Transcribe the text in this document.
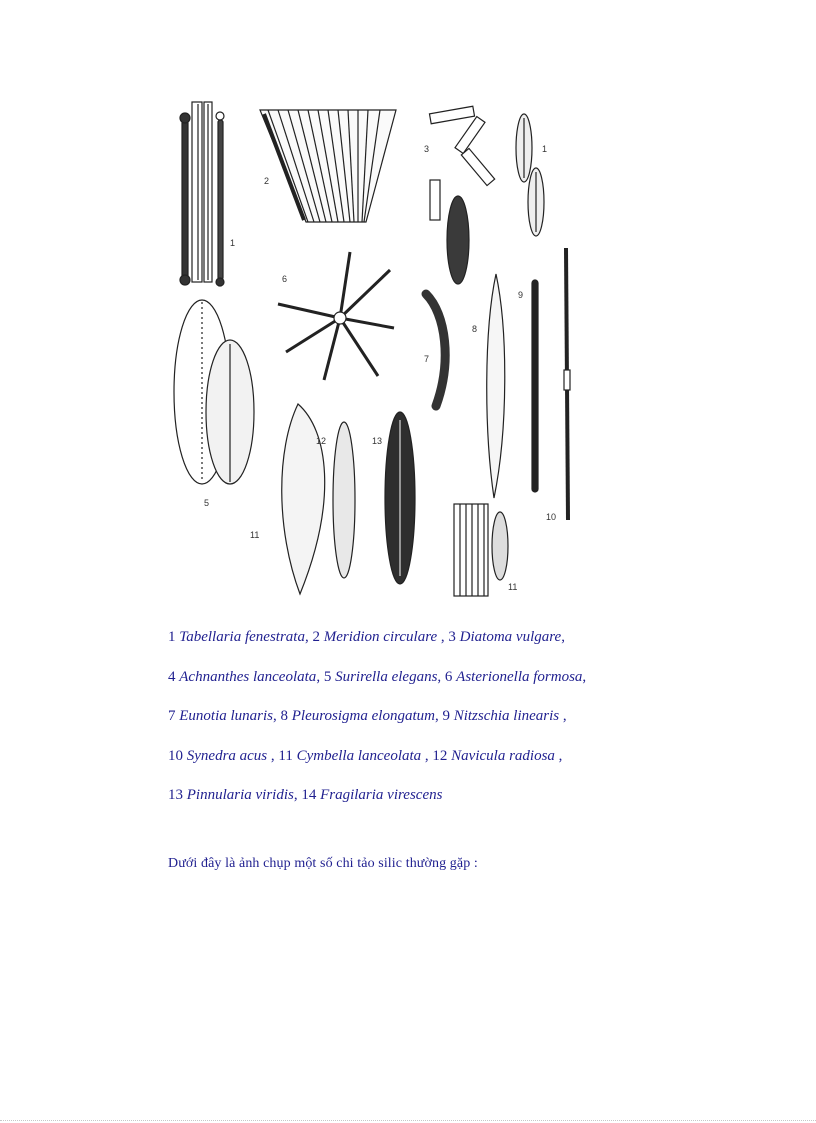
1
2
3	1
6
7
8
9
5
11
12	13
10
11
1 Tabellaria fenestrata, 2 Meridion circulare , 3 Diatoma vulgare,
4 Achnanthes lanceolata, 5 Surirella elegans, 6 Asterionella formosa,
7 Eunotia lunaris, 8 Pleurosigma elongatum, 9 Nitzschia linearis ,
10 Synedra acus , 11 Cymbella lanceolata , 12 Navicula radiosa ,
13 Pinnularia viridis, 14 Fragilaria virescens
Dưới đây là ảnh chụp một số chi tảo silic thường gặp :
